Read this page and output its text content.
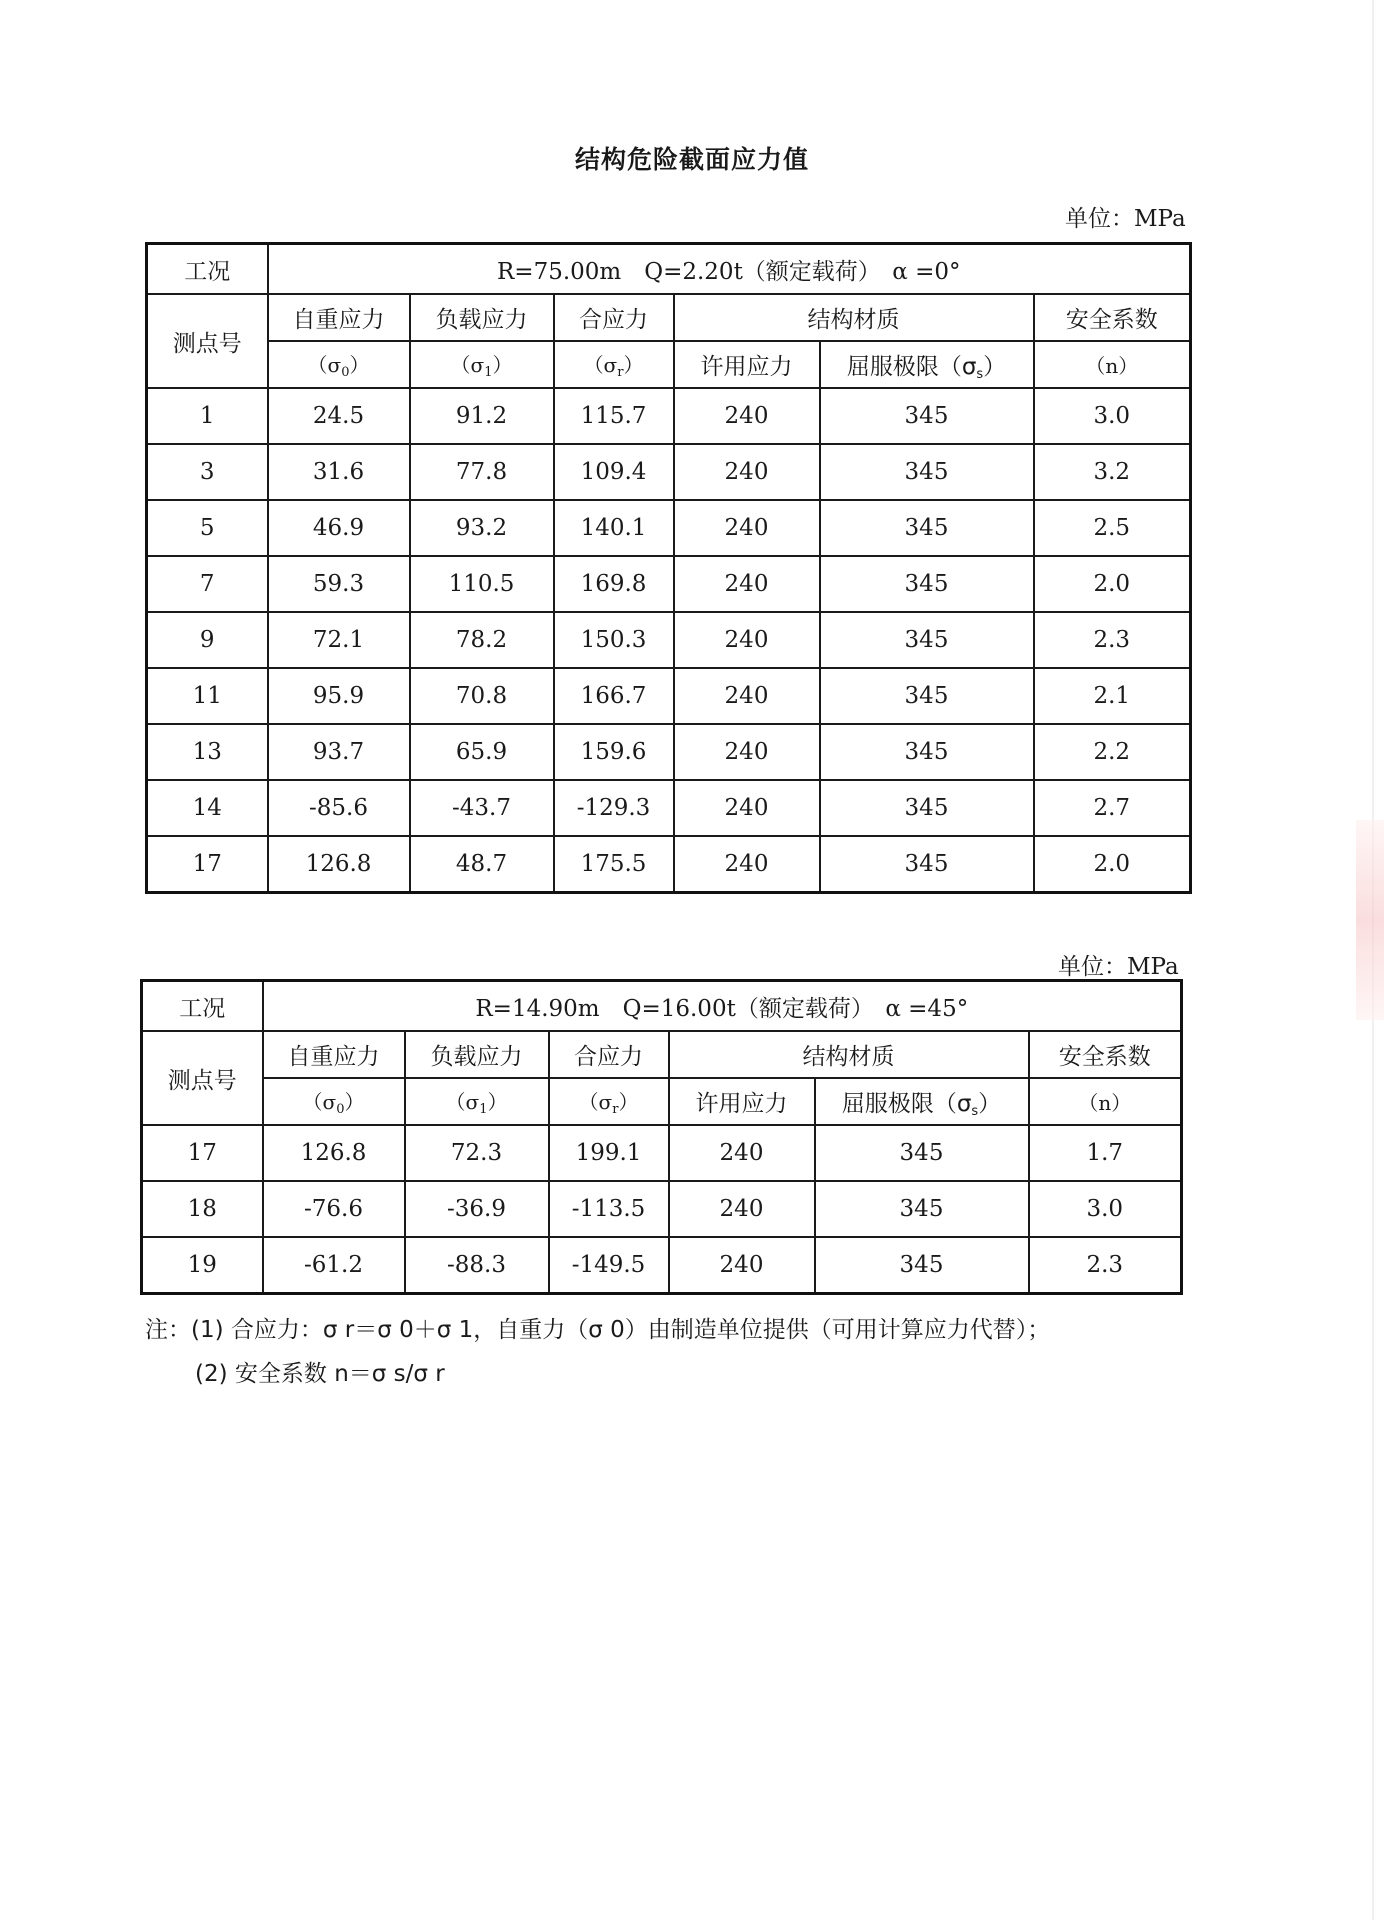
结构危险截面应力值
单位：MPa
工况	R=75.00m　Q=2.20t（额定载荷）　α =0°					
测点号	自重应力	负载应力	合应力	结构材质		安全系数
	$(\sigma_0)$	$(\sigma_1)$	$(\sigma_r)$	许用应力	屈服极限$(\sigma_s)$	（n）
1	24.5	91.2	115.7	240	345	3.0
3	31.6	77.8	109.4	240	345	3.2
5	46.9	93.2	140.1	240	345	2.5
7	59.3	110.5	169.8	240	345	2.0
9	72.1	78.2	150.3	240	345	2.3
11	95.9	70.8	166.7	240	345	2.1
13	93.7	65.9	159.6	240	345	2.2
14	-85.6	-43.7	-129.3	240	345	2.7
17	126.8	48.7	175.5	240	345	2.0
单位：MPa
工况	R=14.90m　Q=16.00t（额定载荷）　α =45°					
测点号	自重应力	负载应力	合应力	结构材质		安全系数
	$(\sigma_0)$	$(\sigma_1)$	$(\sigma_r)$	许用应力	屈服极限$(\sigma_s)$	（n）
17	126.8	72.3	199.1	240	345	1.7
18	-76.6	-36.9	-113.5	240	345	3.0
19	-61.2	-88.3	-149.5	240	345	2.3
注：(1) 合应力：σ r＝σ 0＋σ 1，自重力（σ 0）由制造单位提供（可用计算应力代替）；
(2) 安全系数 n＝σ s/σ r
